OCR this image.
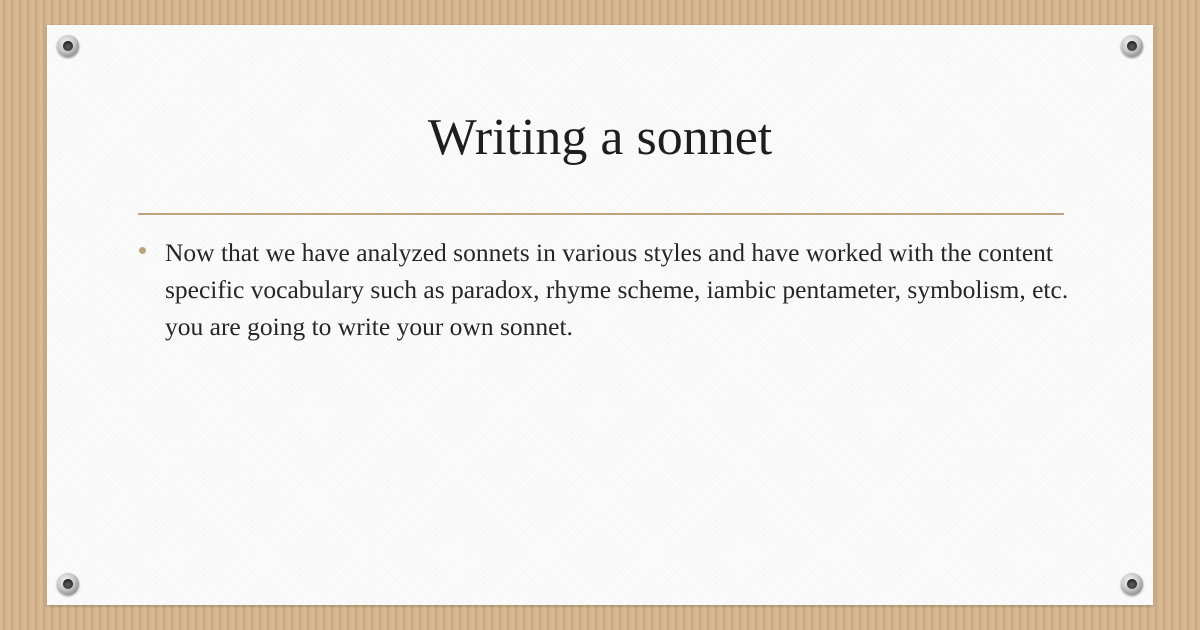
Writing a sonnet
Now that we have analyzed sonnets in various styles and have worked with the content specific vocabulary such as paradox, rhyme scheme, iambic pentameter, symbolism, etc. you are going to write your own sonnet.
